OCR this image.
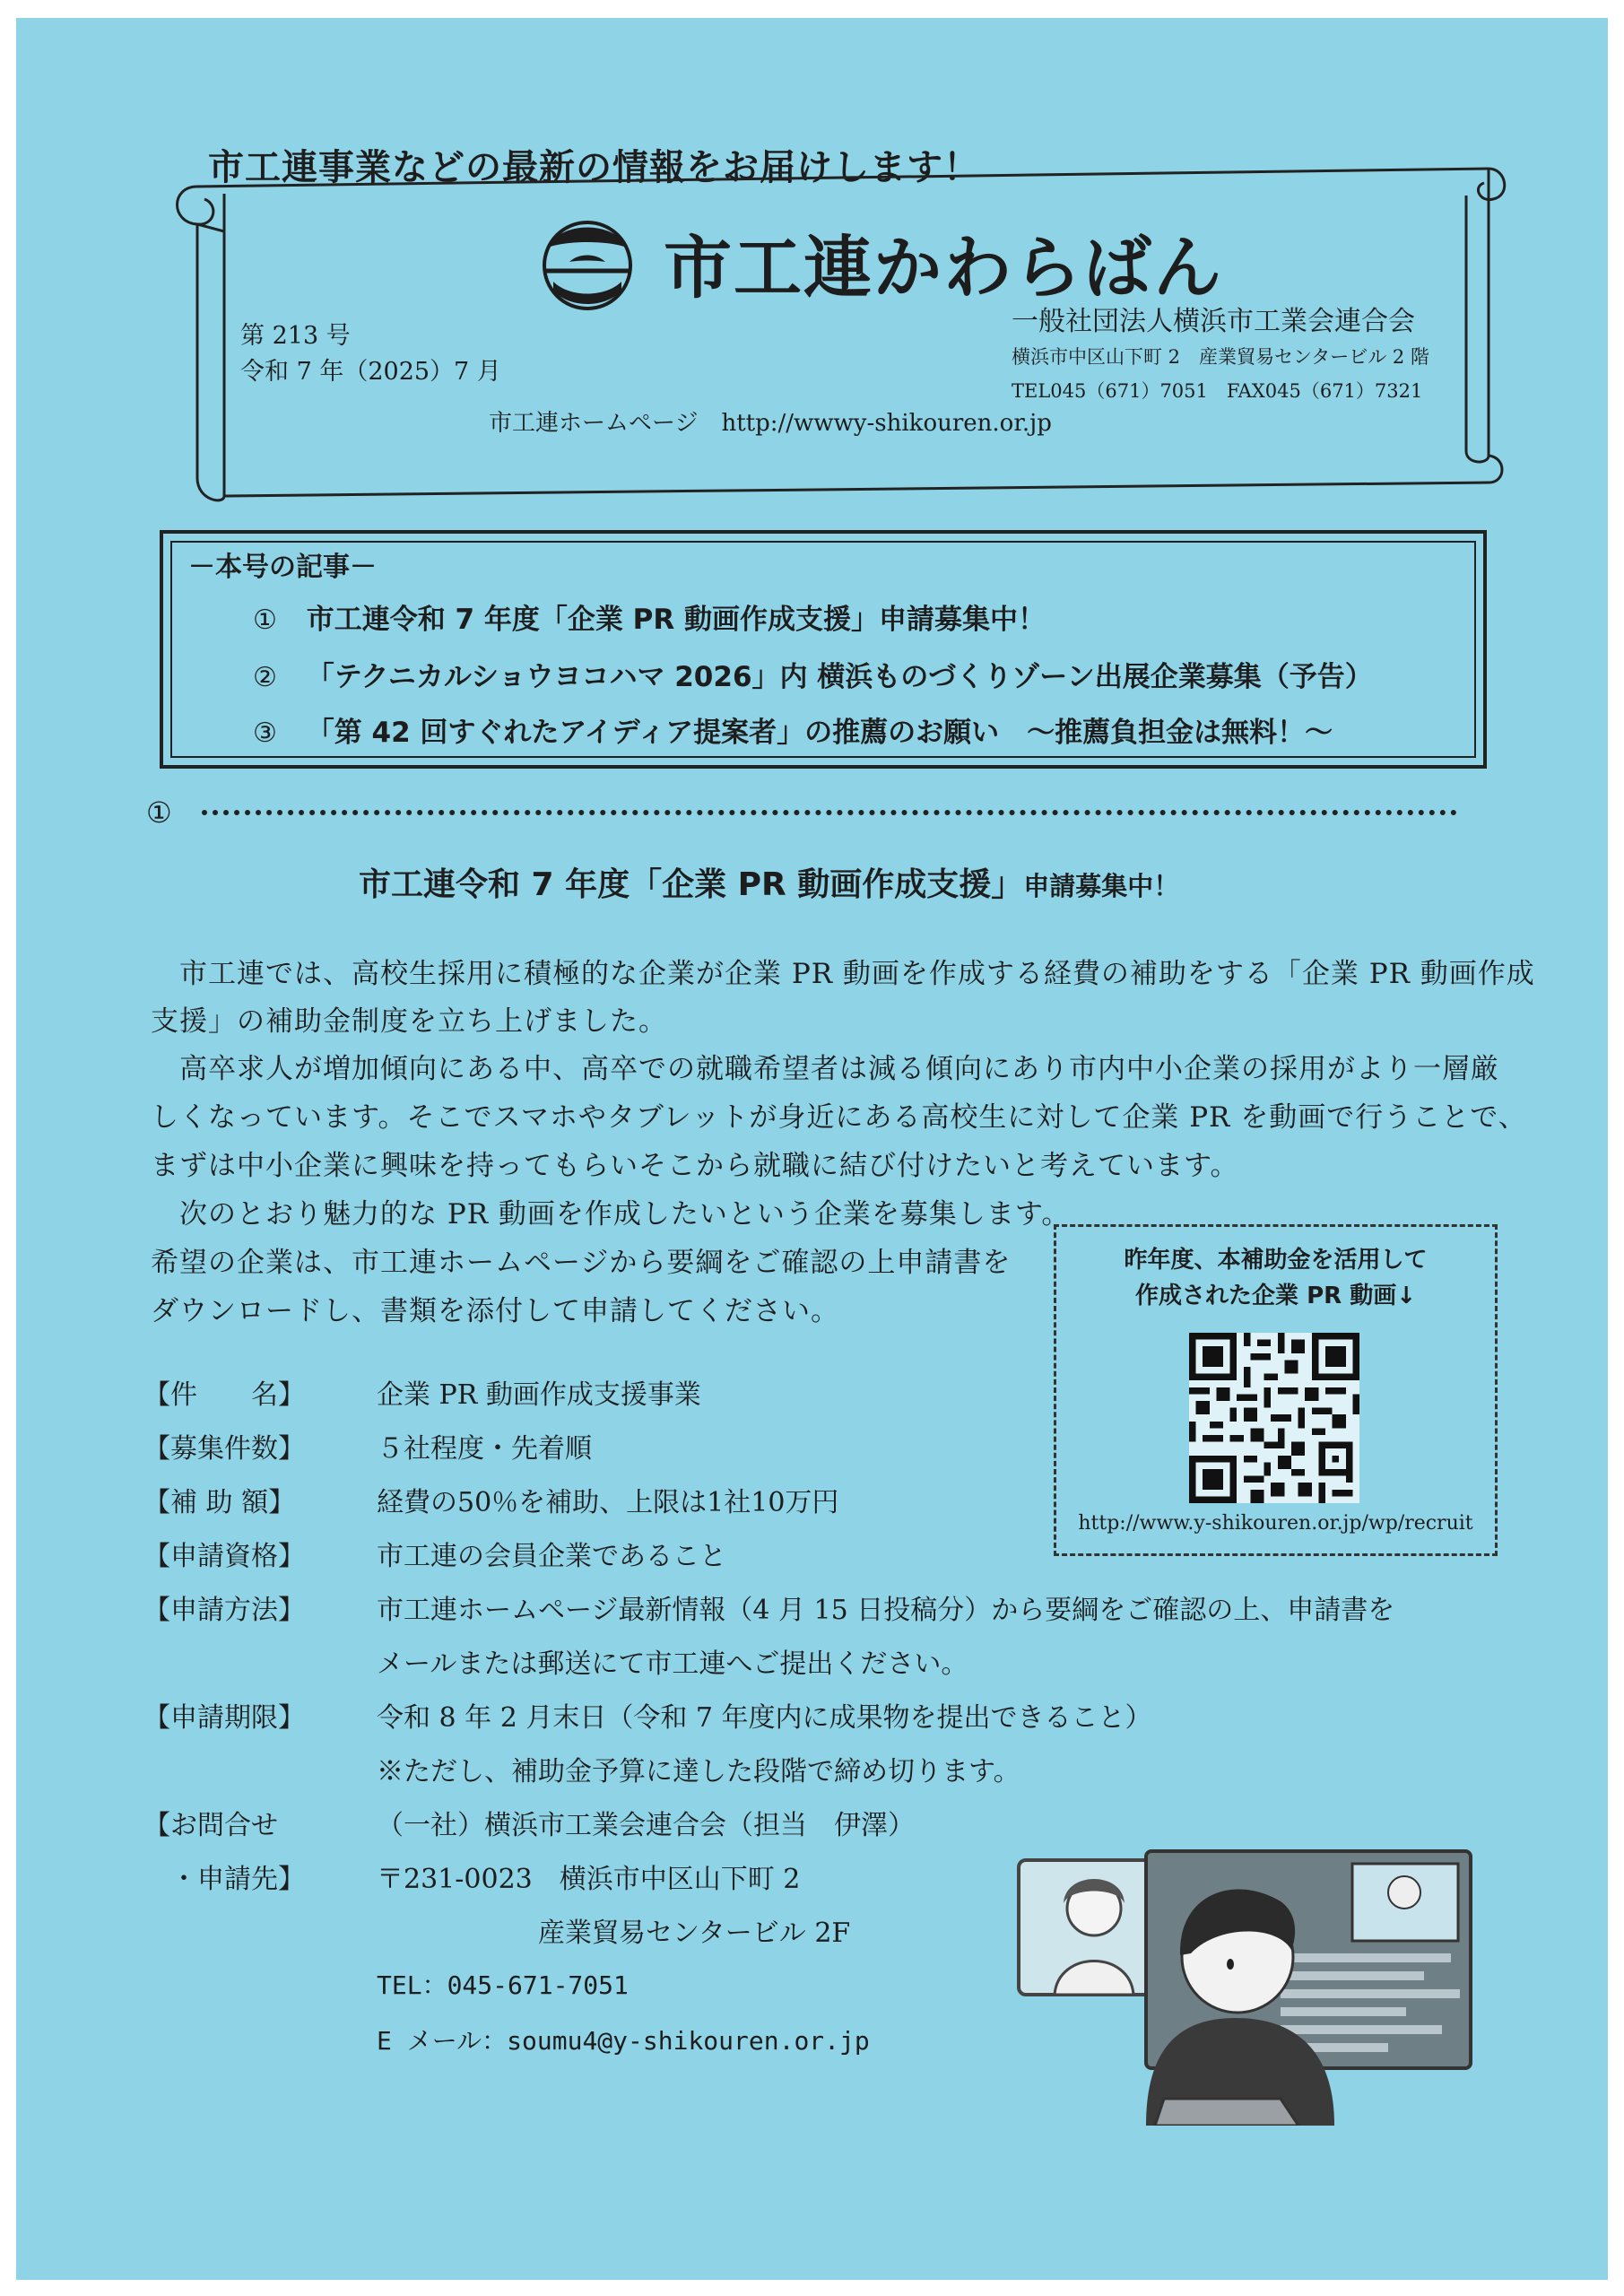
市工連事業などの最新の情報をお届けします！
市工連かわらばん
第 213 号
令和 7 年（2025）7 月
一般社団法人横浜市工業会連合会
横浜市中区山下町 2　産業貿易センタービル 2 階
TEL045（671）7051　FAX045（671）7321
市工連ホームページ　http://wwwy-shikouren.or.jp
－本号の記事－
① 市工連令和 7 年度「企業 PR 動画作成支援」申請募集中！
② 「テクニカルショウヨコハマ 2026」内 横浜ものづくりゾーン出展企業募集（予告）
③ 「第 42 回すぐれたアイディア提案者」の推薦のお願い　～推薦負担金は無料！～
①
市工連令和 7 年度「企業 PR 動画作成支援」申請募集中！
　市工連では、高校生採用に積極的な企業が企業 PR 動画を作成する経費の補助をする「企業 PR 動画作成
支援」の補助金制度を立ち上げました。
　高卒求人が増加傾向にある中、高卒での就職希望者は減る傾向にあり市内中小企業の採用がより一層厳
しくなっています。そこでスマホやタブレットが身近にある高校生に対して企業 PR を動画で行うことで、
まずは中小企業に興味を持ってもらいそこから就職に結び付けたいと考えています。
　次のとおり魅力的な PR 動画を作成したいという企業を募集します。
希望の企業は、市工連ホームページから要綱をご確認の上申請書を
ダウンロードし、書類を添付して申請してください。
昨年度、本補助金を活用して
作成された企業 PR 動画↓
http://www.y-shikouren.or.jp/wp/recruit
【件　　名】	企業 PR 動画作成支援事業
【募集件数】	５社程度・先着順
【補 助 額】	経費の50％を補助、上限は1社10万円
【申請資格】	市工連の会員企業であること
【申請方法】	市工連ホームページ最新情報（4 月 15 日投稿分）から要綱をご確認の上、申請書を
メールまたは郵送にて市工連へご提出ください。
【申請期限】	令和 8 年 2 月末日（令和 7 年度内に成果物を提出できること）
※ただし、補助金予算に達した段階で締め切ります。
【お問合せ
・申請先】
（一社）横浜市工業会連合会（担当　伊澤）
〒231-0023　横浜市中区山下町 2
産業貿易センタービル 2F
TEL：045-671-7051
E メール：soumu4@y-shikouren.or.jp
